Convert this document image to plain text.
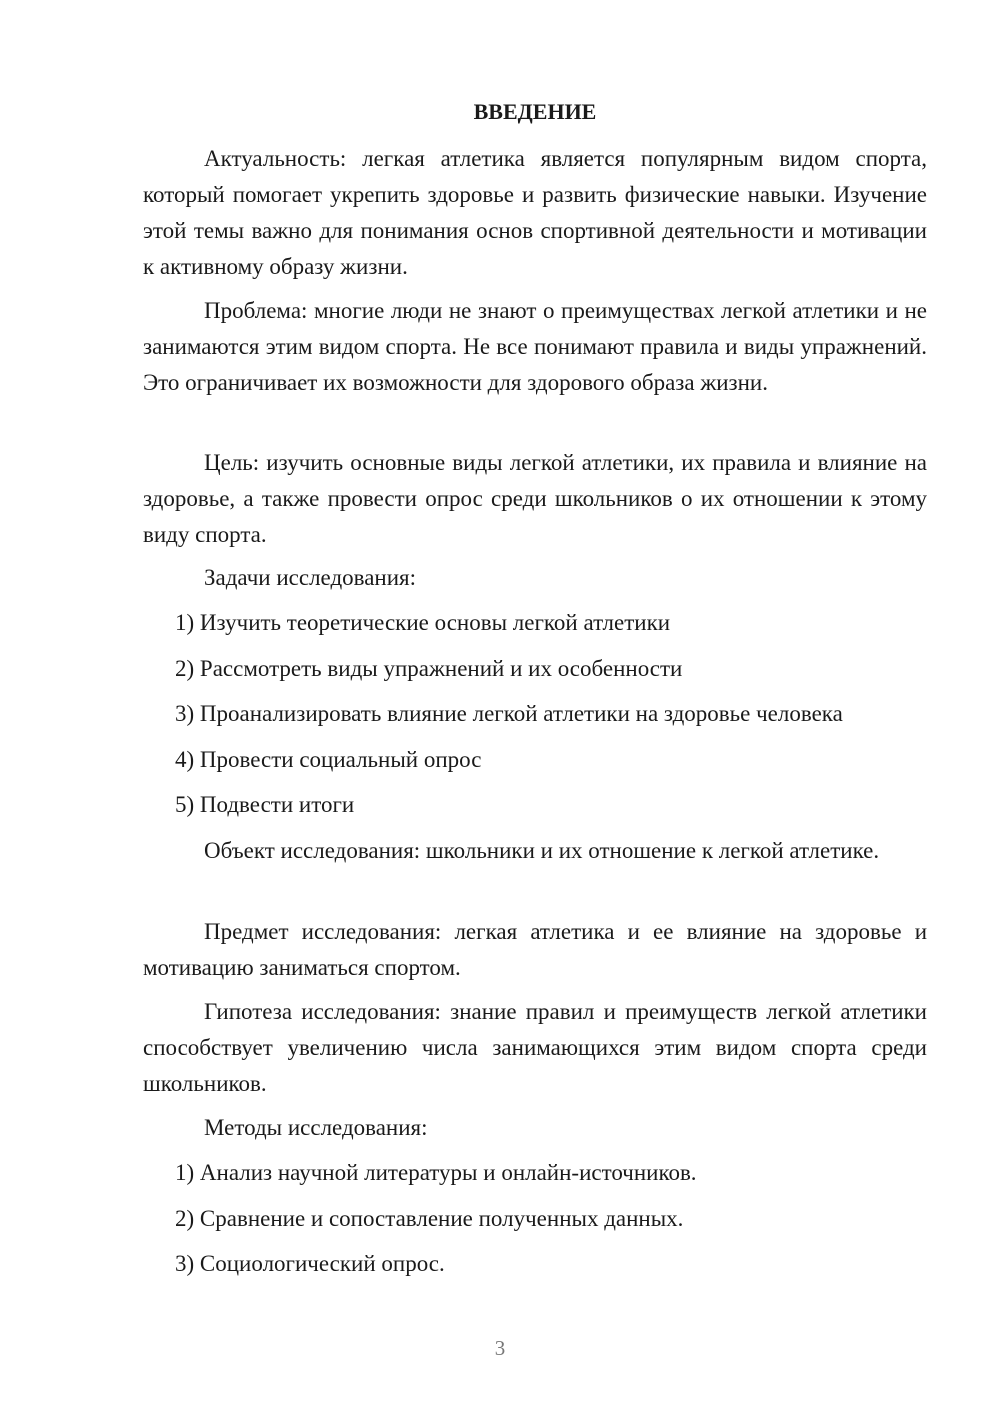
ВВЕДЕНИЕ

Актуальность: легкая атлетика является популярным видом спорта, который помогает укрепить здоровье и развить физические навыки. Изучение этой темы важно для понимания основ спортивной деятельности и мотивации к активному образу жизни.

Проблема: многие люди не знают о преимуществах легкой атлетики и не занимаются этим видом спорта. Не все понимают правила и виды упражнений. Это ограничивает их возможности для здорового образа жизни.

Цель: изучить основные виды легкой атлетики, их правила и влияние на здоровье, а также провести опрос среди школьников о их отношении к этому виду спорта.

Задачи исследования:

1) Изучить теоретические основы легкой атлетики

2) Рассмотреть виды упражнений и их особенности

3) Проанализировать влияние легкой атлетики на здоровье человека

4) Провести социальный опрос

5) Подвести итоги

Объект исследования: школьники и их отношение к легкой атлетике.

Предмет исследования: легкая атлетика и ее влияние на здоровье и мотивацию заниматься спортом.

Гипотеза исследования: знание правил и преимуществ легкой атлетики способствует увеличению числа занимающихся этим видом спорта среди школьников.

Методы исследования:

1) Анализ научной литературы и онлайн-источников.

2) Сравнение и сопоставление полученных данных.

3) Социологический опрос.

3
